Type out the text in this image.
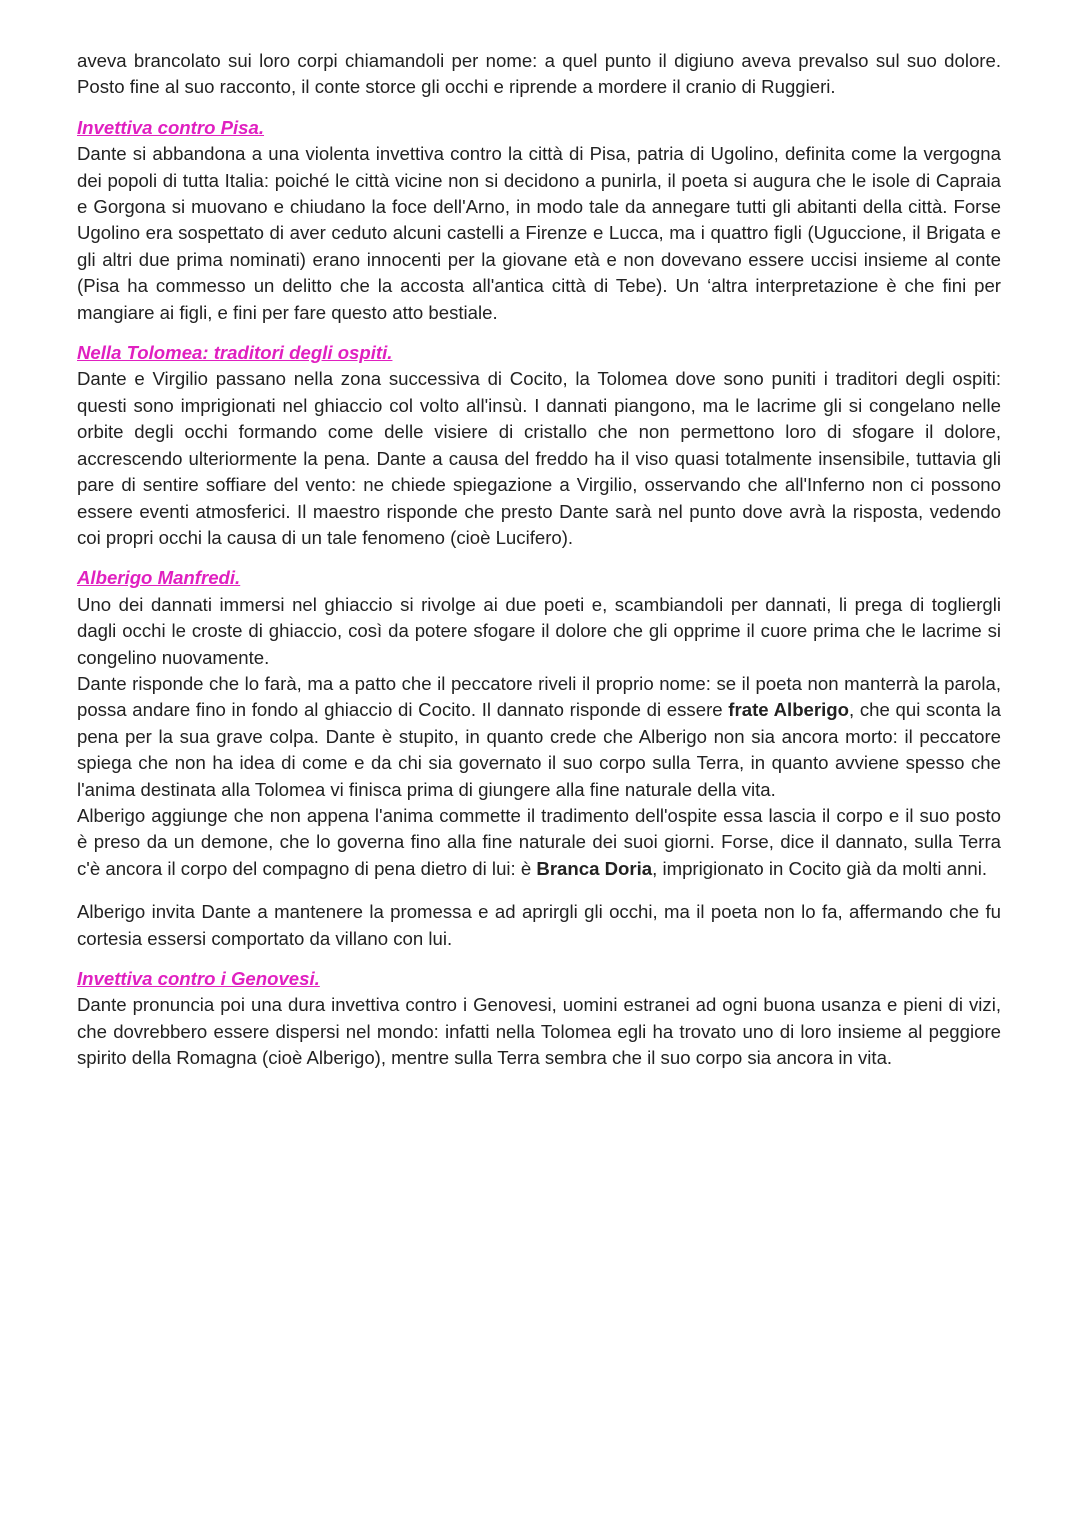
aveva brancolato sui loro corpi chiamandoli per nome: a quel punto il digiuno aveva prevalso sul suo dolore. Posto fine al suo racconto, il conte storce gli occhi e riprende a mordere il cranio di Ruggieri.

Invettiva contro Pisa.

Dante si abbandona a una violenta invettiva contro la città di Pisa, patria di Ugolino, definita come la vergogna dei popoli di tutta Italia: poiché le città vicine non si decidono a punirla, il poeta si augura che le isole di Capraia e Gorgona si muovano e chiudano la foce dell'Arno, in modo tale da annegare tutti gli abitanti della città. Forse Ugolino era sospettato di aver ceduto alcuni castelli a Firenze e Lucca, ma i quattro figli (Uguccione, il Brigata e gli altri due prima nominati) erano innocenti per la giovane età e non dovevano essere uccisi insieme al conte (Pisa ha commesso un delitto che la accosta all'antica città di Tebe). Un ‘altra interpretazione è che fini per mangiare ai figli, e fini per fare questo atto bestiale.

Nella Tolomea: traditori degli ospiti.

Dante e Virgilio passano nella zona successiva di Cocito, la Tolomea dove sono puniti i traditori degli ospiti: questi sono imprigionati nel ghiaccio col volto all'insù. I dannati piangono, ma le lacrime gli si congelano nelle orbite degli occhi formando come delle visiere di cristallo che non permettono loro di sfogare il dolore, accrescendo ulteriormente la pena. Dante a causa del freddo ha il viso quasi totalmente insensibile, tuttavia gli pare di sentire soffiare del vento: ne chiede spiegazione a Virgilio, osservando che all'Inferno non ci possono essere eventi atmosferici. Il maestro risponde che presto Dante sarà nel punto dove avrà la risposta, vedendo coi propri occhi la causa di un tale fenomeno (cioè Lucifero).

Alberigo Manfredi.

Uno dei dannati immersi nel ghiaccio si rivolge ai due poeti e, scambiandoli per dannati, li prega di togliergli dagli occhi le croste di ghiaccio, così da potere sfogare il dolore che gli opprime il cuore prima che le lacrime si congelino nuovamente.

Dante risponde che lo farà, ma a patto che il peccatore riveli il proprio nome: se il poeta non manterrà la parola, possa andare fino in fondo al ghiaccio di Cocito. Il dannato risponde di essere frate Alberigo, che qui sconta la pena per la sua grave colpa. Dante è stupito, in quanto crede che Alberigo non sia ancora morto: il peccatore spiega che non ha idea di come e da chi sia governato il suo corpo sulla Terra, in quanto avviene spesso che l'anima destinata alla Tolomea vi finisca prima di giungere alla fine naturale della vita.

Alberigo aggiunge che non appena l'anima commette il tradimento dell'ospite essa lascia il corpo e il suo posto è preso da un demone, che lo governa fino alla fine naturale dei suoi giorni. Forse, dice il dannato, sulla Terra c'è ancora il corpo del compagno di pena dietro di lui: è Branca Doria, imprigionato in Cocito già da molti anni.

Alberigo invita Dante a mantenere la promessa e ad aprirgli gli occhi, ma il poeta non lo fa, affermando che fu cortesia essersi comportato da villano con lui.

Invettiva contro i Genovesi.

Dante pronuncia poi una dura invettiva contro i Genovesi, uomini estranei ad ogni buona usanza e pieni di vizi, che dovrebbero essere dispersi nel mondo: infatti nella Tolomea egli ha trovato uno di loro insieme al peggiore spirito della Romagna (cioè Alberigo), mentre sulla Terra sembra che il suo corpo sia ancora in vita.
